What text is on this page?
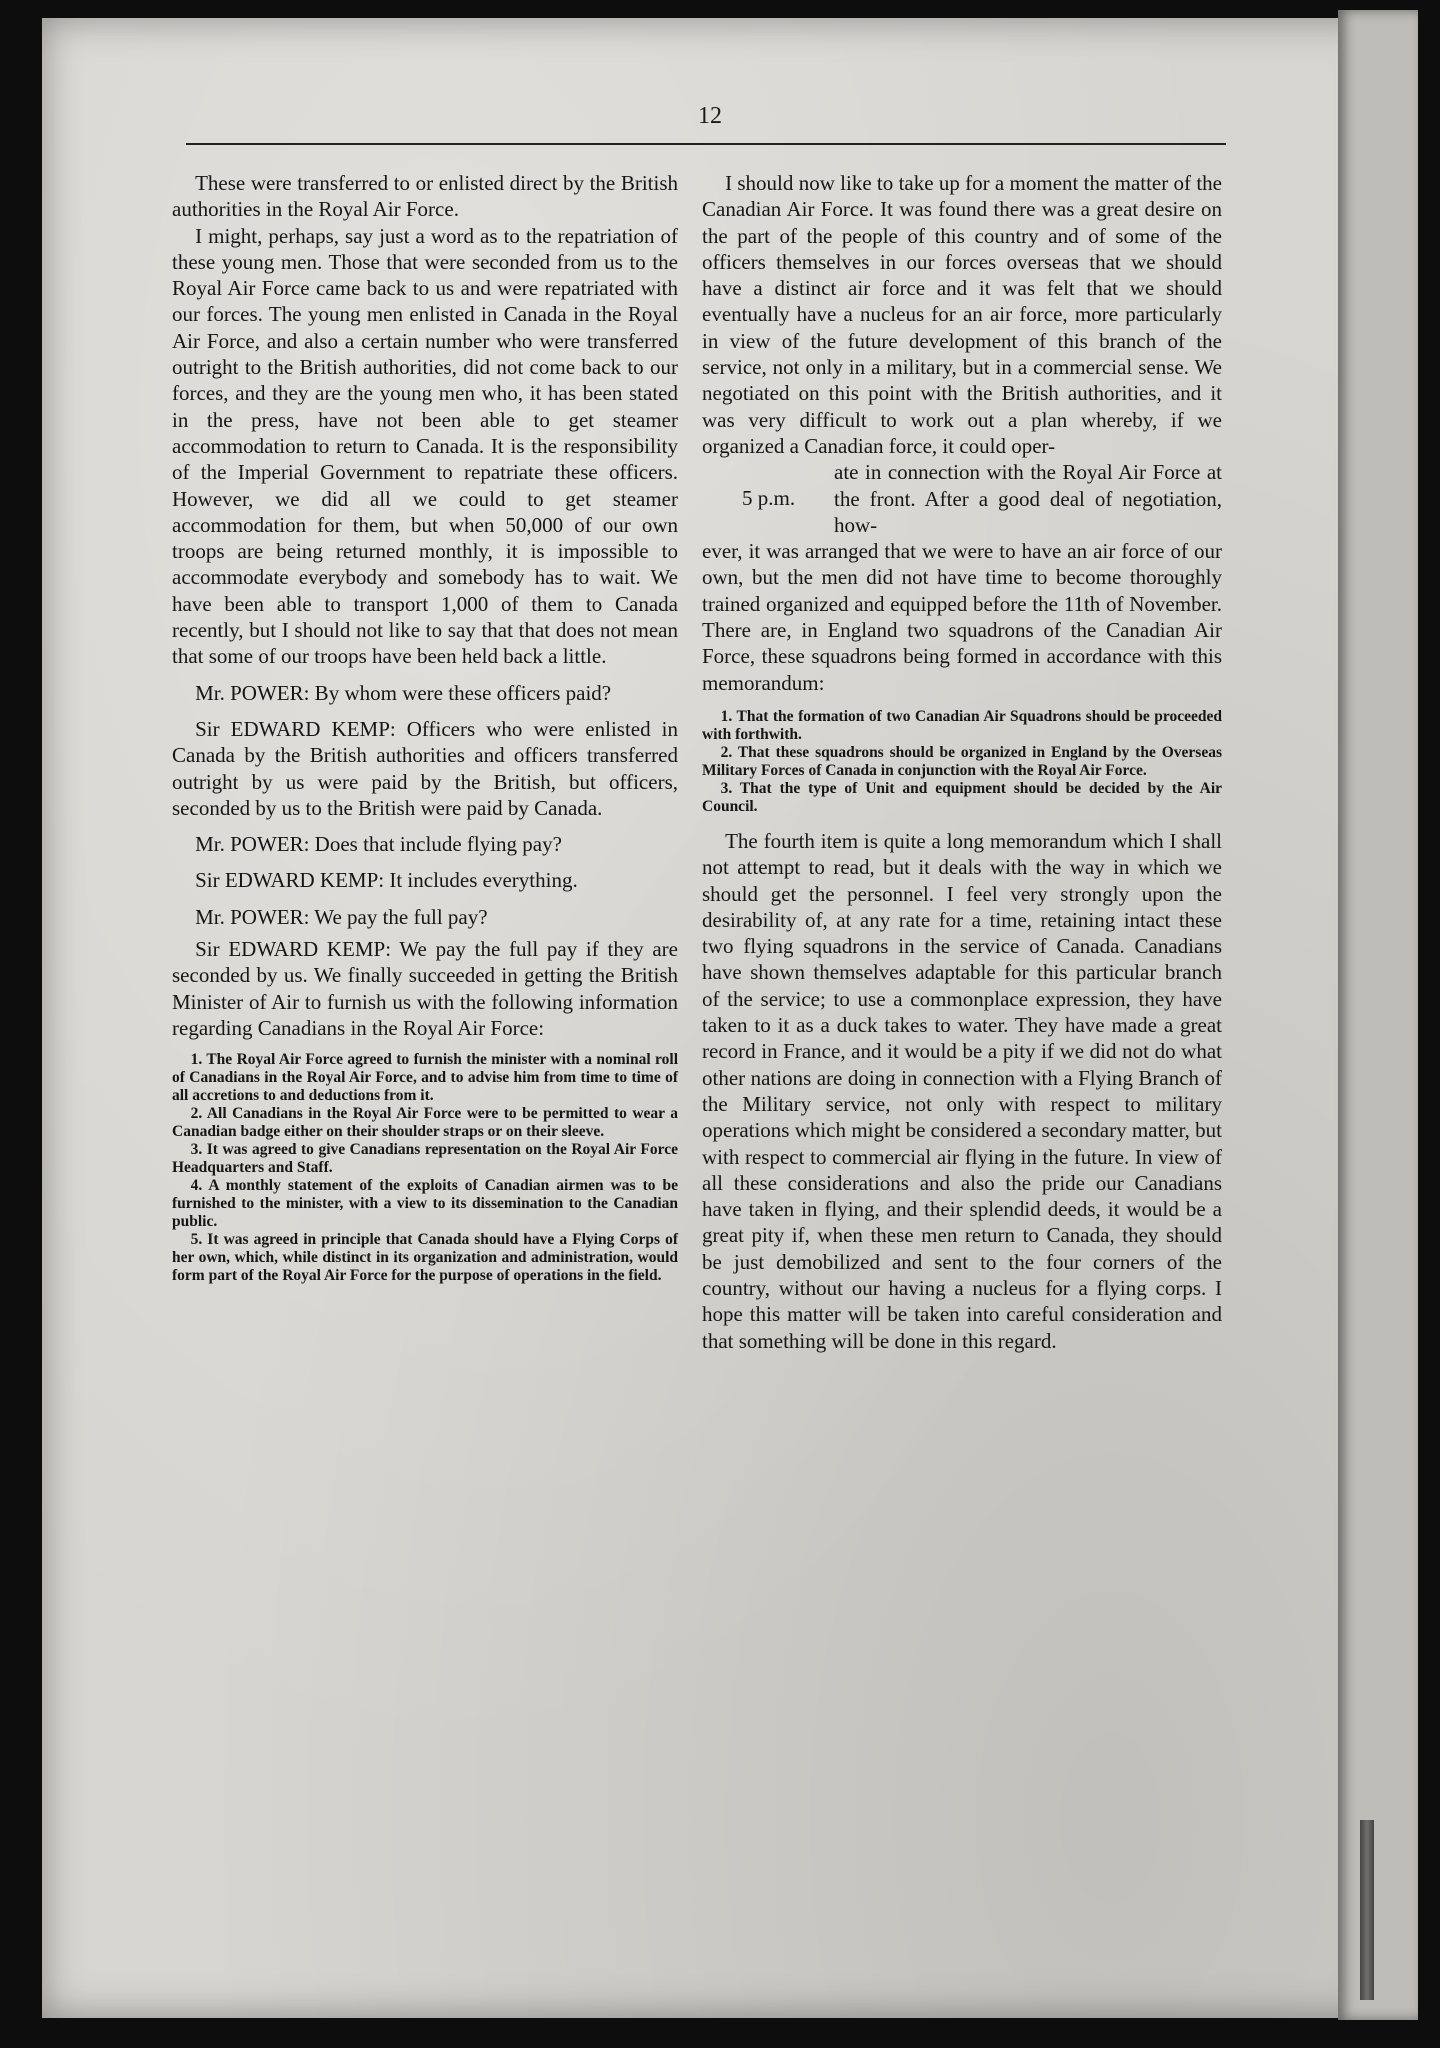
12

These were transferred to or enlisted direct by the British authorities in the Royal Air Force.

I might, perhaps, say just a word as to the repatriation of these young men. Those that were seconded from us to the Royal Air Force came back to us and were repatriated with our forces. The young men enlisted in Canada in the Royal Air Force, and also a certain number who were transferred outright to the British authorities, did not come back to our forces, and they are the young men who, it has been stated in the press, have not been able to get steamer accommodation to return to Canada. It is the responsibility of the Imperial Government to repatriate these officers. However, we did all we could to get steamer accommodation for them, but when 50,000 of our own troops are being returned monthly, it is impossible to accommodate everybody and somebody has to wait. We have been able to transport 1,000 of them to Canada recently, but I should not like to say that that does not mean that some of our troops have been held back a little.

Mr. POWER: By whom were these officers paid?

Sir EDWARD KEMP: Officers who were enlisted in Canada by the British authorities and officers transferred outright by us were paid by the British, but officers, seconded by us to the British were paid by Canada.

Mr. POWER: Does that include flying pay?

Sir EDWARD KEMP: It includes everything.

Mr. POWER: We pay the full pay?

Sir EDWARD KEMP: We pay the full pay if they are seconded by us. We finally succeeded in getting the British Minister of Air to furnish us with the following information regarding Canadians in the Royal Air Force:

1. The Royal Air Force agreed to furnish the minister with a nominal roll of Canadians in the Royal Air Force, and to advise him from time to time of all accretions to and deductions from it.

2. All Canadians in the Royal Air Force were to be permitted to wear a Canadian badge either on their shoulder straps or on their sleeve.

3. It was agreed to give Canadians representation on the Royal Air Force Headquarters and Staff.

4. A monthly statement of the exploits of Canadian airmen was to be furnished to the minister, with a view to its dissemination to the Canadian public.

5. It was agreed in principle that Canada should have a Flying Corps of her own, which, while distinct in its organization and administration, would form part of the Royal Air Force for the purpose of operations in the field.

I should now like to take up for a moment the matter of the Canadian Air Force. It was found there was a great desire on the part of the people of this country and of some of the officers themselves in our forces overseas that we should have a distinct air force and it was felt that we should eventually have a nucleus for an air force, more particularly in view of the future development of this branch of the service, not only in a military, but in a commercial sense. We negotiated on this point with the British authorities, and it was very difficult to work out a plan whereby, if we organized a Canadian force, it could oper-

5 p.m.

ate in connection with the Royal Air Force at the front. After a good deal of negotiation, how-

ever, it was arranged that we were to have an air force of our own, but the men did not have time to become thoroughly trained organized and equipped before the 11th of November. There are, in England two squadrons of the Canadian Air Force, these squadrons being formed in accordance with this memorandum:

1. That the formation of two Canadian Air Squadrons should be proceeded with forthwith.

2. That these squadrons should be organized in England by the Overseas Military Forces of Canada in conjunction with the Royal Air Force.

3. That the type of Unit and equipment should be decided by the Air Council.

The fourth item is quite a long memorandum which I shall not attempt to read, but it deals with the way in which we should get the personnel. I feel very strongly upon the desirability of, at any rate for a time, retaining intact these two flying squadrons in the service of Canada. Canadians have shown themselves adaptable for this particular branch of the service; to use a commonplace expression, they have taken to it as a duck takes to water. They have made a great record in France, and it would be a pity if we did not do what other nations are doing in connection with a Flying Branch of the Military service, not only with respect to military operations which might be considered a secondary matter, but with respect to commercial air flying in the future. In view of all these considerations and also the pride our Canadians have taken in flying, and their splendid deeds, it would be a great pity if, when these men return to Canada, they should be just demobilized and sent to the four corners of the country, without our having a nucleus for a flying corps. I hope this matter will be taken into careful consideration and that something will be done in this regard.
